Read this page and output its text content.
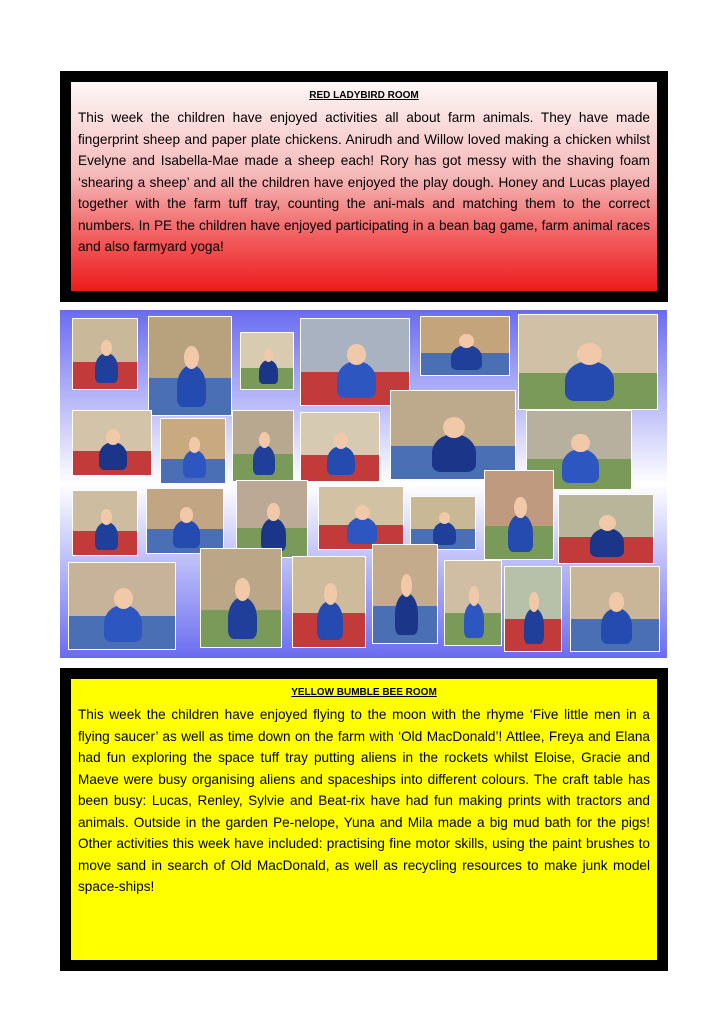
RED LADYBIRD ROOM

This week the children have enjoyed activities all about farm animals. They have made fingerprint sheep and paper plate chickens. Anirudh and Willow loved making a chicken whilst Evelyne and Isabella-Mae made a sheep each! Rory has got messy with the shaving foam ‘shearing a sheep’ and all the children have enjoyed the play dough. Honey and Lucas played together with the farm tuff tray, counting the ani-mals and matching them to the correct numbers. In PE the children have enjoyed participating in a bean bag game, farm animal races and also farmyard yoga!

YELLOW BUMBLE BEE ROOM

This week the children have enjoyed flying to the moon with the rhyme ‘Five little men in a flying saucer’ as well as time down on the farm with ‘Old MacDonald’! Attlee, Freya and Elana had fun exploring the space tuff tray putting aliens in the rockets whilst Eloise, Gracie and Maeve were busy organising aliens and spaceships into different colours. The craft table has been busy: Lucas, Renley, Sylvie and Beat-rix have had fun making prints with tractors and animals. Outside in the garden Pe-nelope, Yuna and Mila made a big mud bath for the pigs! Other activities this week have included: practising fine motor skills, using the paint brushes to move sand in search of Old MacDonald, as well as recycling resources to make junk model space-ships!
